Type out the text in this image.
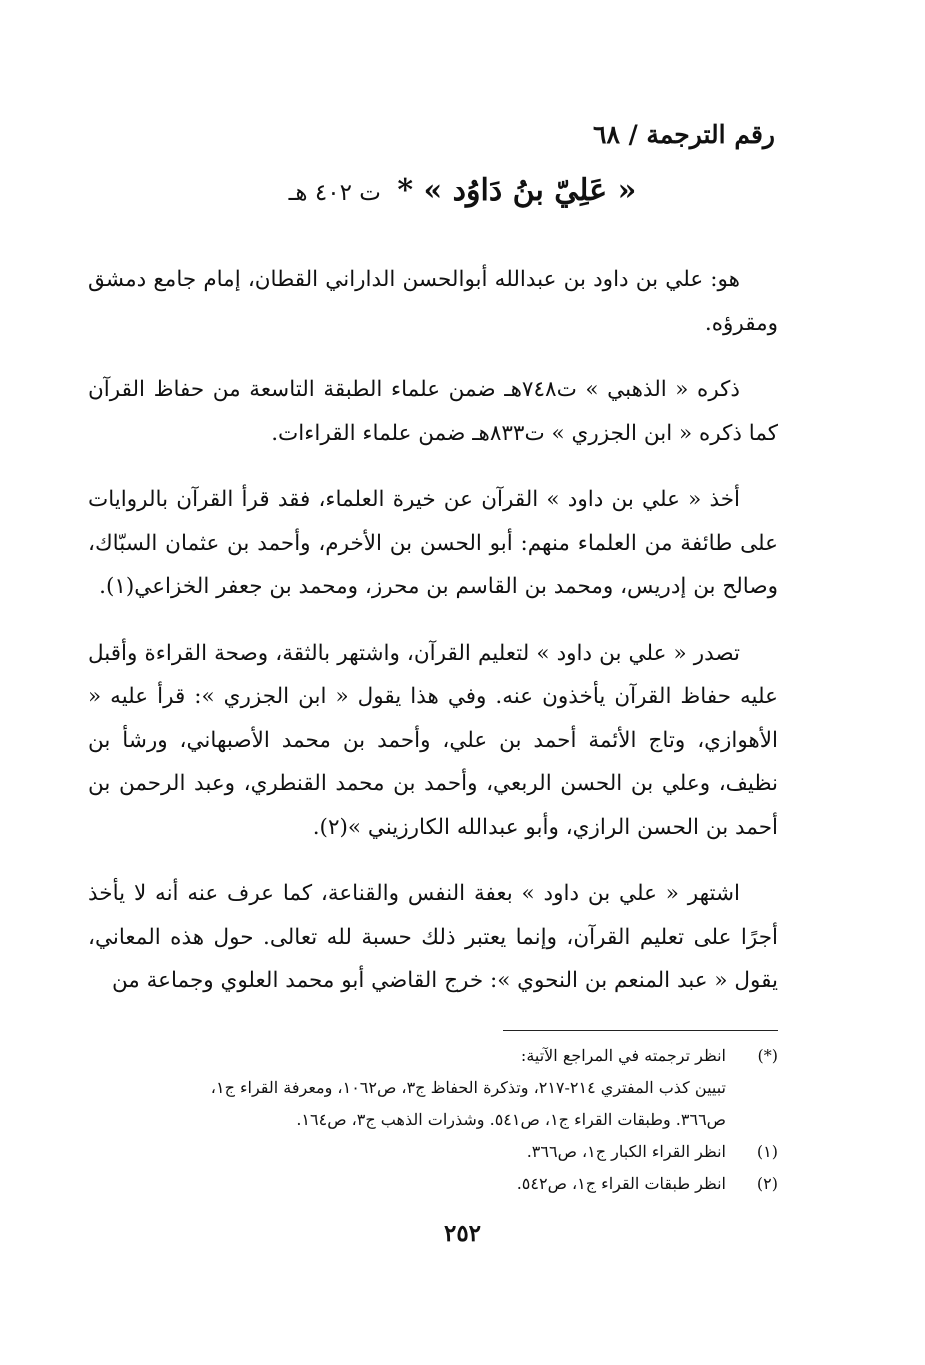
رقم الترجمة / ٦٨
« عَلِيّ بنُ دَاوُد » * ت ٤٠٢ هـ

هو: علي بن داود بن عبدالله أبوالحسن الداراني القطان، إمام جامع دمشق ومقرؤه.

ذكره « الذهبي » ت٧٤٨هـ ضمن علماء الطبقة التاسعة من حفاظ القرآن كما ذكره « ابن الجزري » ت٨٣٣هـ ضمن علماء القراءات.

أخذ « علي بن داود » القرآن عن خيرة العلماء، فقد قرأ القرآن بالروايات على طائفة من العلماء منهم: أبو الحسن بن الأخرم، وأحمد بن عثمان السبّاك، وصالح بن إدريس، ومحمد بن القاسم بن محرز، ومحمد بن جعفر الخزاعي(١).

تصدر « علي بن داود » لتعليم القرآن، واشتهر بالثقة، وصحة القراءة وأقبل عليه حفاظ القرآن يأخذون عنه. وفي هذا يقول « ابن الجزري »: قرأ عليه « الأهوازي، وتاج الأئمة أحمد بن علي، وأحمد بن محمد الأصبهاني، ورشأ بن نظيف، وعلي بن الحسن الربعي، وأحمد بن محمد القنطري، وعبد الرحمن بن أحمد بن الحسن الرازي، وأبو عبدالله الكارزيني »(٢).

اشتهر « علي بن داود » بعفة النفس والقناعة، كما عرف عنه أنه لا يأخذ أجرًا على تعليم القرآن، وإنما يعتبر ذلك حسبة لله تعالى. حول هذه المعاني، يقول « عبد المنعم بن النحوي »: خرج القاضي أبو محمد العلوي وجماعة من

(*)
انظر ترجمته في المراجع الآتية:
تبيين كذب المفتري ٢١٤-٢١٧، وتذكرة الحفاظ ج٣، ص١٠٦٢، ومعرفة القراء ج١،
ص٣٦٦. وطبقات القراء ج١، ص٥٤١. وشذرات الذهب ج٣، ص١٦٤.
(١)
انظر القراء الكبار ج١، ص٣٦٦.
(٢)
انظر طبقات القراء ج١، ص٥٤٢.
٢٥٢
